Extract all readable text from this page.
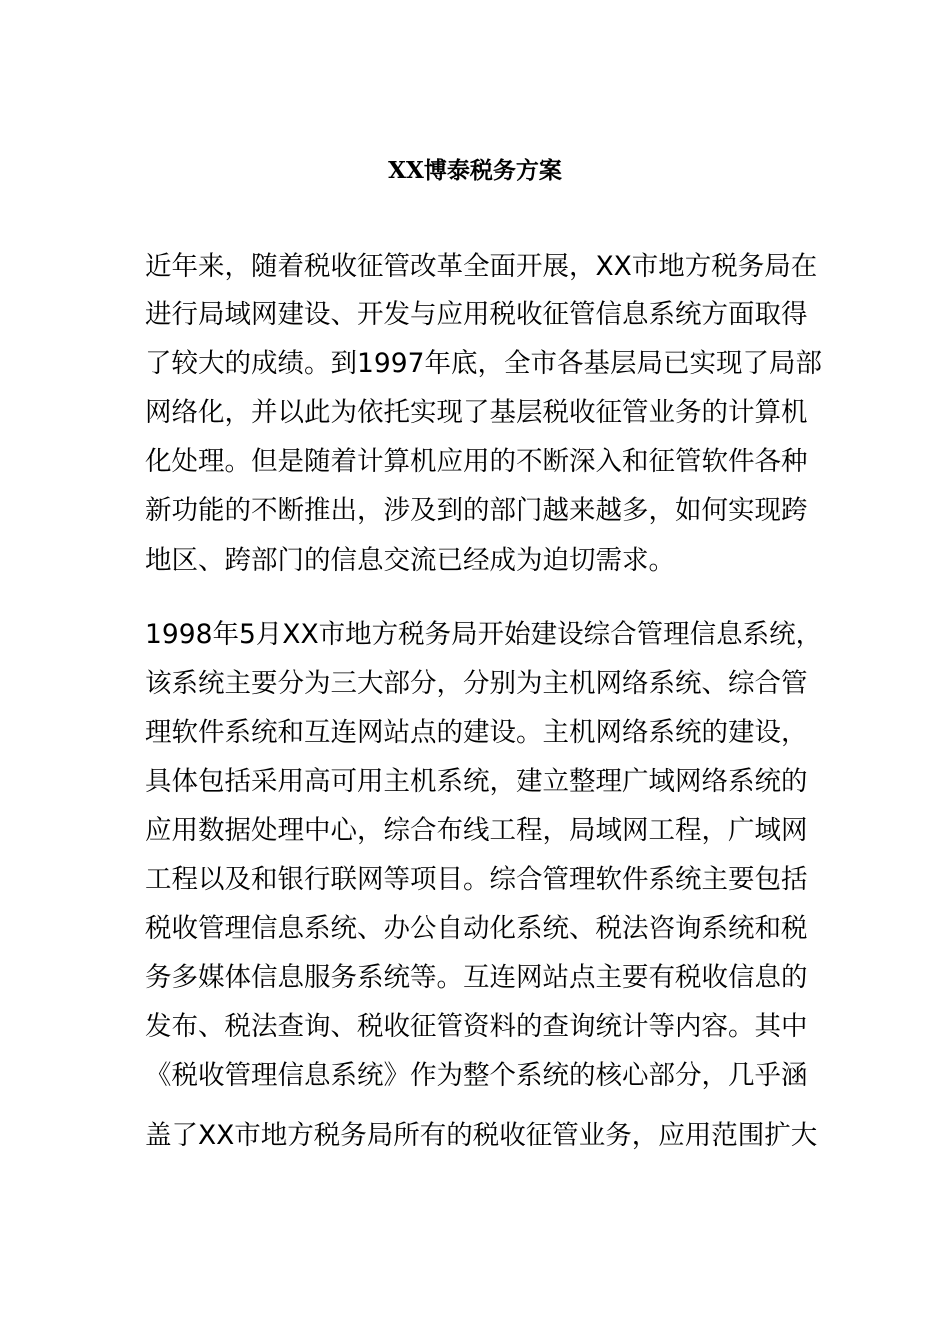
XX博泰税务方案

近年来，随着税收征管改革全面开展，XX市地方税务局在

进行局域网建设、开发与应用税收征管信息系统方面取得

了较大的成绩。到1997年底，全市各基层局已实现了局部

网络化，并以此为依托实现了基层税收征管业务的计算机

化处理。但是随着计算机应用的不断深入和征管软件各种

新功能的不断推出，涉及到的部门越来越多，如何实现跨

地区、跨部门的信息交流已经成为迫切需求。

1998年5月XX市地方税务局开始建设综合管理信息系统，

该系统主要分为三大部分，分别为主机网络系统、综合管

理软件系统和互连网站点的建设。主机网络系统的建设，

具体包括采用高可用主机系统，建立整理广域网络系统的

应用数据处理中心，综合布线工程，局域网工程，广域网

工程以及和银行联网等项目。综合管理软件系统主要包括

税收管理信息系统、办公自动化系统、税法咨询系统和税

务多媒体信息服务系统等。互连网站点主要有税收信息的

发布、税法查询、税收征管资料的查询统计等内容。其中

《税收管理信息系统》作为整个系统的核心部分，几乎涵

盖了XX市地方税务局所有的税收征管业务，应用范围扩大
